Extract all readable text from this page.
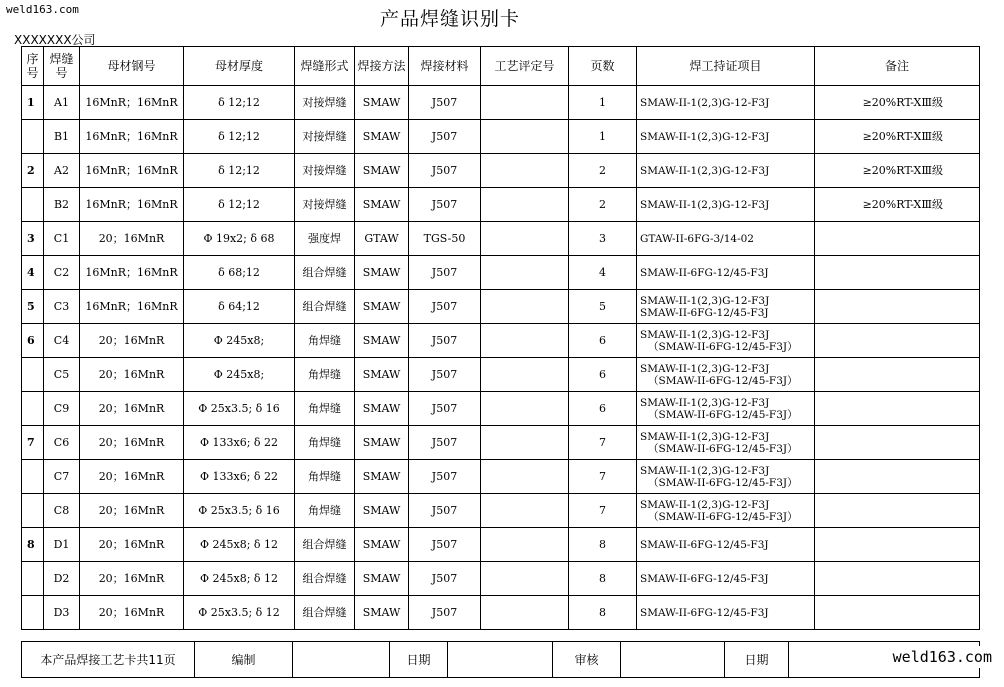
weld163.com	产品焊缝识别卡
XXXXXXX公司
序号	焊缝号	母材钢号	母材厚度	焊缝形式	焊接方法	焊接材料	工艺评定号	页数	焊工持证项目	备注
1	A1	16MnR；16MnR	δ 12;12	对接焊缝	SMAW	J507		1	SMAW-II-1(2,3)G-12-F3J	≥20%RT-XⅢ级
	B1	16MnR；16MnR	δ 12;12	对接焊缝	SMAW	J507		1	SMAW-II-1(2,3)G-12-F3J	≥20%RT-XⅢ级
2	A2	16MnR；16MnR	δ 12;12	对接焊缝	SMAW	J507		2	SMAW-II-1(2,3)G-12-F3J	≥20%RT-XⅢ级
	B2	16MnR；16MnR	δ 12;12	对接焊缝	SMAW	J507		2	SMAW-II-1(2,3)G-12-F3J	≥20%RT-XⅢ级
3	C1	20；16MnR	Φ 19x2; δ 68	强度焊	GTAW	TGS-50		3	GTAW-II-6FG-3/14-02	

4	C2	16MnR；16MnR	δ 68;12	组合焊缝	SMAW	J507		4	SMAW-II-6FG-12/45-F3J	

5	C3	16MnR；16MnR	δ 64;12	组合焊缝	SMAW	J507		5	SMAW-II-1(2,3)G-12-F3J
SMAW-II-6FG-12/45-F3J	

6	C4	20；16MnR	Φ 245x8;	角焊缝	SMAW	J507		6	SMAW-II-1(2,3)G-12-F3J
（SMAW-II-6FG-12/45-F3J）	

	C5	20；16MnR	Φ 245x8;	角焊缝	SMAW	J507		6	SMAW-II-1(2,3)G-12-F3J
（SMAW-II-6FG-12/45-F3J）	

	C9	20；16MnR	Φ 25x3.5; δ 16	角焊缝	SMAW	J507		6	SMAW-II-1(2,3)G-12-F3J
（SMAW-II-6FG-12/45-F3J）	

7	C6	20；16MnR	Φ 133x6; δ 22	角焊缝	SMAW	J507		7	SMAW-II-1(2,3)G-12-F3J
（SMAW-II-6FG-12/45-F3J）	

	C7	20；16MnR	Φ 133x6; δ 22	角焊缝	SMAW	J507		7	SMAW-II-1(2,3)G-12-F3J
（SMAW-II-6FG-12/45-F3J）	

	C8	20；16MnR	Φ 25x3.5; δ 16	角焊缝	SMAW	J507		7	SMAW-II-1(2,3)G-12-F3J
（SMAW-II-6FG-12/45-F3J）	

8	D1	20；16MnR	Φ 245x8; δ 12	组合焊缝	SMAW	J507		8	SMAW-II-6FG-12/45-F3J	

	D2	20；16MnR	Φ 245x8; δ 12	组合焊缝	SMAW	J507		8	SMAW-II-6FG-12/45-F3J	

	D3	20；16MnR	Φ 25x3.5; δ 12	组合焊缝	SMAW	J507		8	SMAW-II-6FG-12/45-F3J	

本产品焊接工艺卡共11页	编制		日期		审核		日期		weld163.com
